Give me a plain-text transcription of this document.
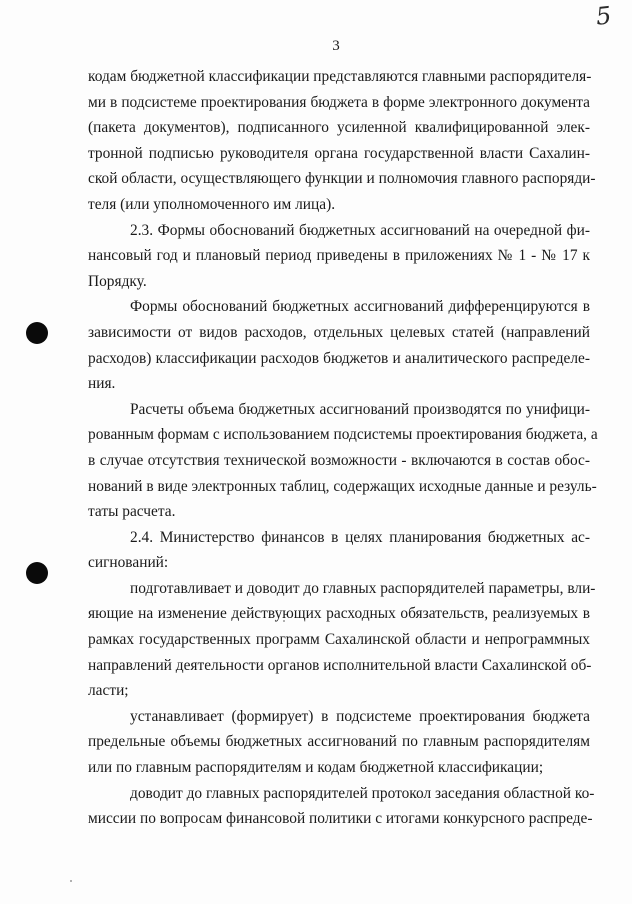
5
3
кодам бюджетной классификации представляются главными распорядителя-
ми в подсистеме проектирования бюджета в форме электронного документа
(пакета документов), подписанного усиленной квалифицированной элек-
тронной подписью руководителя органа государственной власти Сахалин-
ской области, осуществляющего функции и полномочия главного распоряди-
теля (или уполномоченного им лица).
2.3. Формы обоснований бюджетных ассигнований на очередной фи-
нансовый год и плановый период приведены в приложениях № 1 - № 17 к
Порядку.
Формы обоснований бюджетных ассигнований дифференцируются в
зависимости от видов расходов, отдельных целевых статей (направлений
расходов) классификации расходов бюджетов и аналитического распределе-
ния.
Расчеты объема бюджетных ассигнований производятся по унифици-
рованным формам с использованием подсистемы проектирования бюджета, а
в случае отсутствия технической возможности - включаются в состав обос-
нований в виде электронных таблиц, содержащих исходные данные и резуль-
таты расчета.
2.4. Министерство финансов в целях планирования бюджетных ас-
сигнований:
подготавливает и доводит до главных распорядителей параметры, вли-
яющие на изменение действующих расходных обязательств, реализуемых в
рамках государственных программ Сахалинской области и непрограммных
направлений деятельности органов исполнительной власти Сахалинской об-
ласти;
устанавливает (формирует) в подсистеме проектирования бюджета
предельные объемы бюджетных ассигнований по главным распорядителям
или по главным распорядителям и кодам бюджетной классификации;
доводит до главных распорядителей протокол заседания областной ко-
миссии по вопросам финансовой политики с итогами конкурсного распреде-
